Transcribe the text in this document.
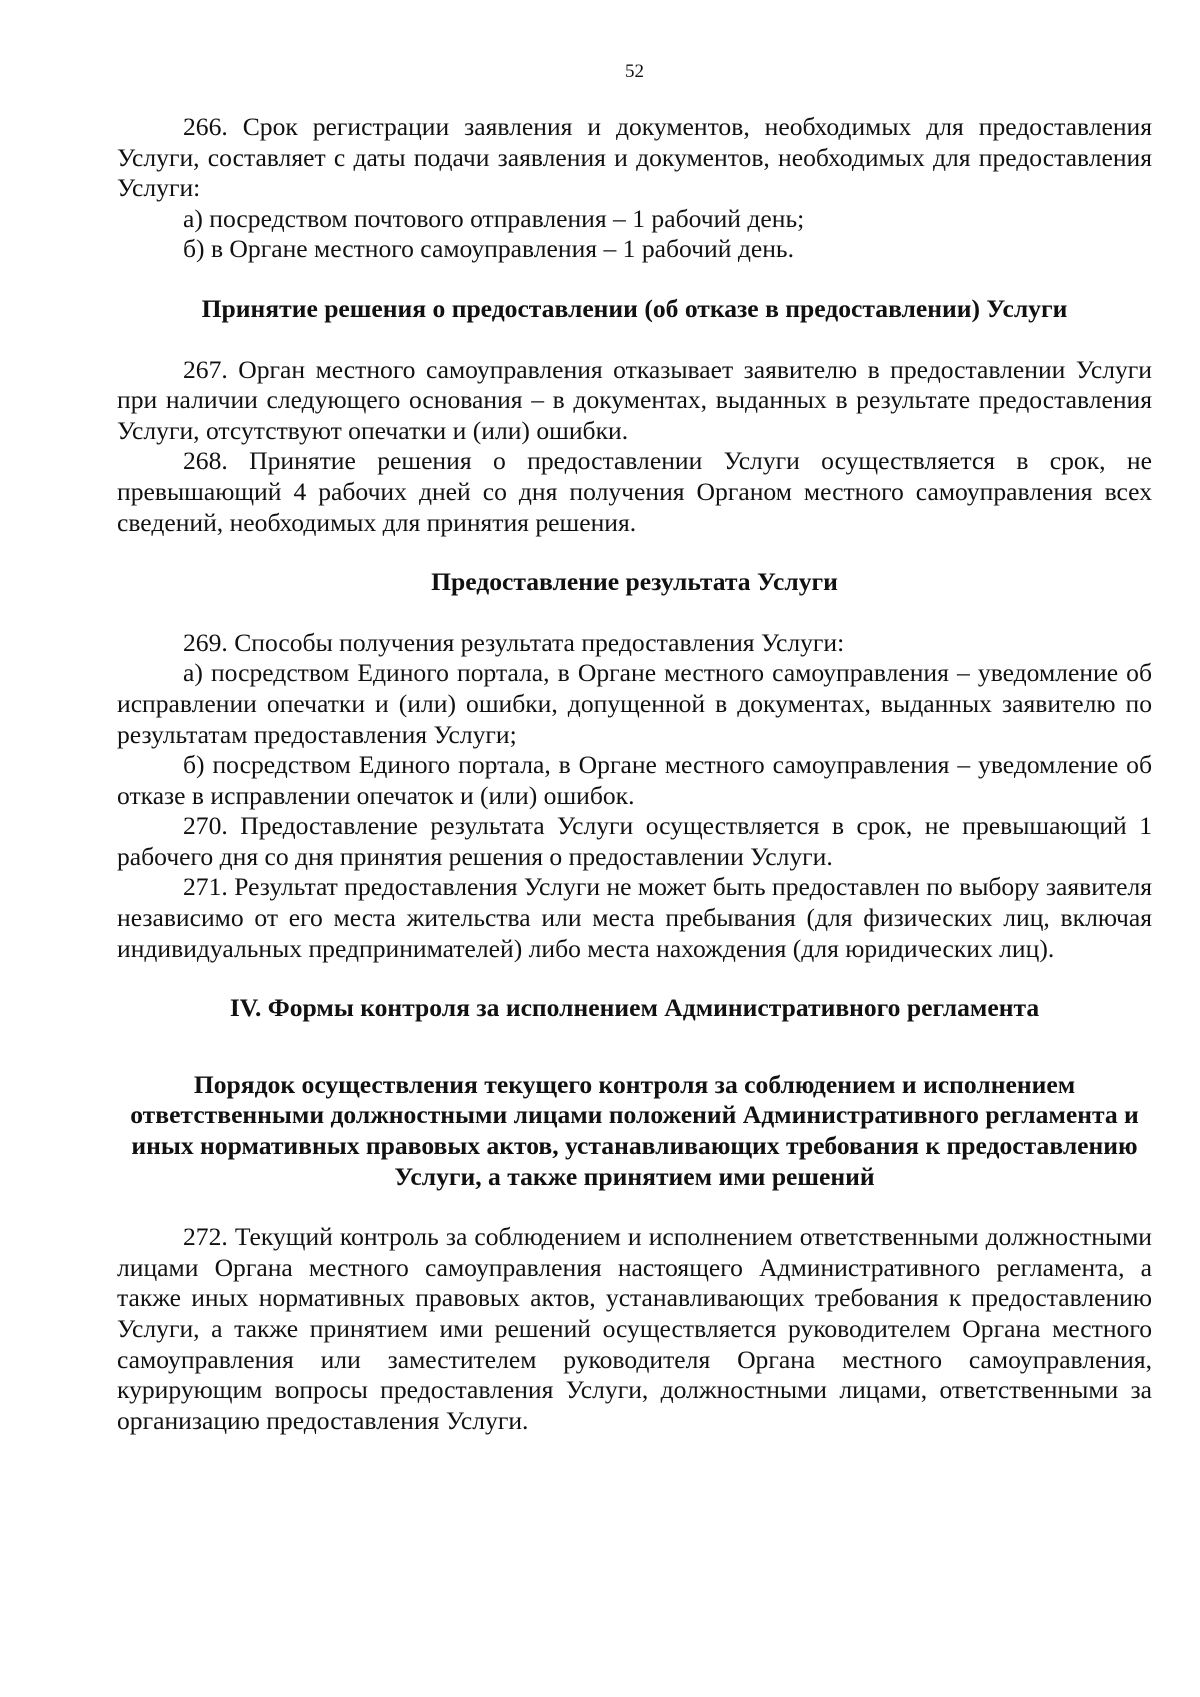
52

266. Срок регистрации заявления и документов, необходимых для предоставления Услуги, составляет с даты подачи заявления и документов, необходимых для предоставления Услуги:

а) посредством почтового отправления – 1 рабочий день;

б) в Органе местного самоуправления – 1 рабочий день.

Принятие решения о предоставлении (об отказе в предоставлении) Услуги

267. Орган местного самоуправления отказывает заявителю в предоставлении Услуги при наличии следующего основания – в документах, выданных в результате предоставления Услуги, отсутствуют опечатки и (или) ошибки.

268. Принятие решения о предоставлении Услуги осуществляется в срок, не превышающий 4 рабочих дней со дня получения Органом местного самоуправления всех сведений, необходимых для принятия решения.

Предоставление результата Услуги

269. Способы получения результата предоставления Услуги:

а) посредством Единого портала, в Органе местного самоуправления – уведомление об исправлении опечатки и (или) ошибки, допущенной в документах, выданных заявителю по результатам предоставления Услуги;

б) посредством Единого портала, в Органе местного самоуправления – уведомление об отказе в исправлении опечаток и (или) ошибок.

270. Предоставление результата Услуги осуществляется в срок, не превышающий 1 рабочего дня со дня принятия решения о предоставлении Услуги.

271. Результат предоставления Услуги не может быть предоставлен по выбору заявителя независимо от его места жительства или места пребывания (для физических лиц, включая индивидуальных предпринимателей) либо места нахождения (для юридических лиц).

IV. Формы контроля за исполнением Административного регламента
Порядок осуществления текущего контроля за соблюдением и исполнением ответственными должностными лицами положений Административного регламента и иных нормативных правовых актов, устанавливающих требования к предоставлению Услуги, а также принятием ими решений

272. Текущий контроль за соблюдением и исполнением ответственными должностными лицами Органа местного самоуправления настоящего Административного регламента, а также иных нормативных правовых актов, устанавливающих требования к предоставлению Услуги, а также принятием ими решений осуществляется руководителем Органа местного самоуправления или заместителем руководителя Органа местного самоуправления, курирующим вопросы предоставления Услуги, должностными лицами, ответственными за организацию предоставления Услуги.
